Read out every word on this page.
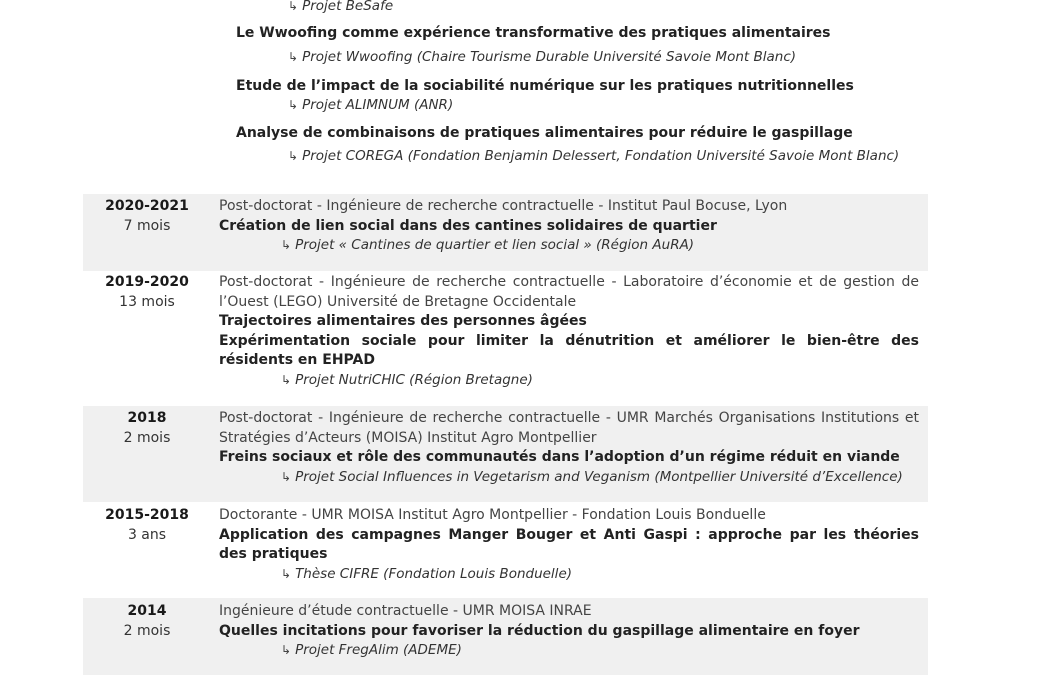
↳ Projet BeSafe
Le Wwoofing comme expérience transformative des pratiques alimentaires
↳ Projet Wwoofing (Chaire Tourisme Durable Université Savoie Mont Blanc)
Etude de l’impact de la sociabilité numérique sur les pratiques nutritionnelles
↳ Projet ALIMNUM (ANR)
Analyse de combinaisons de pratiques alimentaires pour réduire le gaspillage
↳ Projet COREGA (Fondation Benjamin Delessert, Fondation Université Savoie Mont Blanc)
2020-2021
7 mois
Post-doctorat - Ingénieure de recherche contractuelle - Institut Paul Bocuse, Lyon
Création de lien social dans des cantines solidaires de quartier
↳ Projet « Cantines de quartier et lien social » (Région AuRA)
2019-2020
13 mois
Post-doctorat - Ingénieure de recherche contractuelle - Laboratoire d’économie et de gestion de l’Ouest (LEGO) Université de Bretagne Occidentale
Trajectoires alimentaires des personnes âgées
Expérimentation sociale pour limiter la dénutrition et améliorer le bien-être des résidents en EHPAD
↳ Projet NutriCHIC (Région Bretagne)
2018
2 mois
Post-doctorat - Ingénieure de recherche contractuelle - UMR Marchés Organisations Institutions et Stratégies d’Acteurs (MOISA) Institut Agro Montpellier
Freins sociaux et rôle des communautés dans l’adoption d’un régime réduit en viande
↳ Projet Social Influences in Vegetarism and Veganism (Montpellier Université d’Excellence)
2015-2018
3 ans
Doctorante - UMR MOISA Institut Agro Montpellier - Fondation Louis Bonduelle
Application des campagnes Manger Bouger et Anti Gaspi : approche par les théories des pratiques
↳ Thèse CIFRE (Fondation Louis Bonduelle)
2014
2 mois
Ingénieure d’étude contractuelle - UMR MOISA INRAE
Quelles incitations pour favoriser la réduction du gaspillage alimentaire en foyer
↳ Projet FregAlim (ADEME)
